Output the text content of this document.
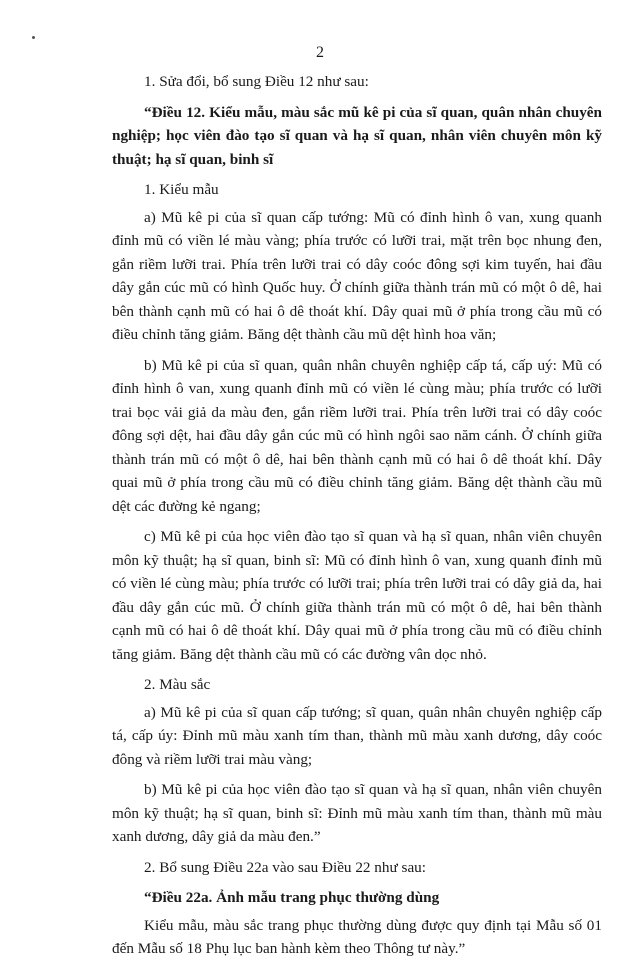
2

1. Sửa đổi, bổ sung Điều 12 như sau:

“Điều 12. Kiểu mẫu, màu sắc mũ kê pi của sĩ quan, quân nhân chuyên nghiệp; học viên đào tạo sĩ quan và hạ sĩ quan, nhân viên chuyên môn kỹ thuật; hạ sĩ quan, binh sĩ

1. Kiểu mẫu

a) Mũ kê pi của sĩ quan cấp tướng: Mũ có đỉnh hình ô van, xung quanh đỉnh mũ có viền lé màu vàng; phía trước có lưỡi trai, mặt trên bọc nhung đen, gắn riềm lưỡi trai. Phía trên lưỡi trai có dây coóc đông sợi kim tuyến, hai đầu dây gắn cúc mũ có hình Quốc huy. Ở chính giữa thành trán mũ có một ô dê, hai bên thành cạnh mũ có hai ô dê thoát khí. Dây quai mũ ở phía trong cầu mũ có điều chỉnh tăng giảm. Băng dệt thành cầu mũ dệt hình hoa văn;

b) Mũ kê pi của sĩ quan, quân nhân chuyên nghiệp cấp tá, cấp uý: Mũ có đỉnh hình ô van, xung quanh đỉnh mũ có viền lé cùng màu; phía trước có lưỡi trai bọc vải giả da màu đen, gắn riềm lưỡi trai. Phía trên lưỡi trai có dây coóc đông sợi dệt, hai đầu dây gắn cúc mũ có hình ngôi sao năm cánh. Ở chính giữa thành trán mũ có một ô dê, hai bên thành cạnh mũ có hai ô dê thoát khí. Dây quai mũ ở phía trong cầu mũ có điều chỉnh tăng giảm. Băng dệt thành cầu mũ dệt các đường kẻ ngang;

c) Mũ kê pi của học viên đào tạo sĩ quan và hạ sĩ quan, nhân viên chuyên môn kỹ thuật; hạ sĩ quan, binh sĩ: Mũ có đỉnh hình ô van, xung quanh đỉnh mũ có viền lé cùng màu; phía trước có lưỡi trai; phía trên lưỡi trai có dây giả da, hai đầu dây gắn cúc mũ. Ở chính giữa thành trán mũ có một ô dê, hai bên thành cạnh mũ có hai ô dê thoát khí. Dây quai mũ ở phía trong cầu mũ có điều chỉnh tăng giảm. Băng dệt thành cầu mũ có các đường vân dọc nhỏ.

2. Màu sắc

a) Mũ kê pi của sĩ quan cấp tướng; sĩ quan, quân nhân chuyên nghiệp cấp tá, cấp úy: Đỉnh mũ màu xanh tím than, thành mũ màu xanh dương, dây coóc đông và riềm lưỡi trai màu vàng;

b) Mũ kê pi của học viên đào tạo sĩ quan và hạ sĩ quan, nhân viên chuyên môn kỹ thuật; hạ sĩ quan, binh sĩ: Đỉnh mũ màu xanh tím than, thành mũ màu xanh dương, dây giả da màu đen.”

2. Bổ sung Điều 22a vào sau Điều 22 như sau:

“Điều 22a. Ảnh mẫu trang phục thường dùng

Kiểu mẫu, màu sắc trang phục thường dùng được quy định tại Mẫu số 01 đến Mẫu số 18 Phụ lục ban hành kèm theo Thông tư này.”
